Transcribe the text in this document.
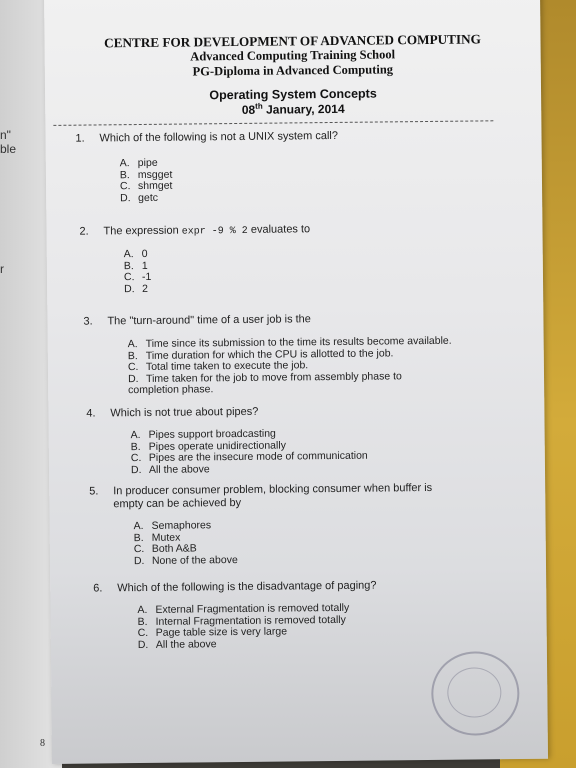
n"
ble
r
CENTRE FOR DEVELOPMENT OF ADVANCED COMPUTING
Advanced Computing Training School
PG-Diploma in Advanced Computing
Operating System Concepts
08th January, 2014
1. Which of the following is not a UNIX system call?
A. pipe
B. msgget
C. shmget
D. getc
2. The expression expr -9 % 2 evaluates to
A. 0
B. 1
C. -1
D. 2
3. The "turn-around" time of a user job is the
A. Time since its submission to the time its results become available.
B. Time duration for which the CPU is allotted to the job.
C. Total time taken to execute the job.
D. Time taken for the job to move from assembly phase to completion phase.
4. Which is not true about pipes?
A. Pipes support broadcasting
B. Pipes operate unidirectionally
C. Pipes are the insecure mode of communication
D. All the above
5. In producer consumer problem, blocking consumer when buffer is empty can be achieved by
A. Semaphores
B. Mutex
C. Both A&B
D. None of the above
6. Which of the following is the disadvantage of paging?
A. External Fragmentation is removed totally
B. Internal Fragmentation is removed totally
C. Page table size is very large
D. All the above
8
